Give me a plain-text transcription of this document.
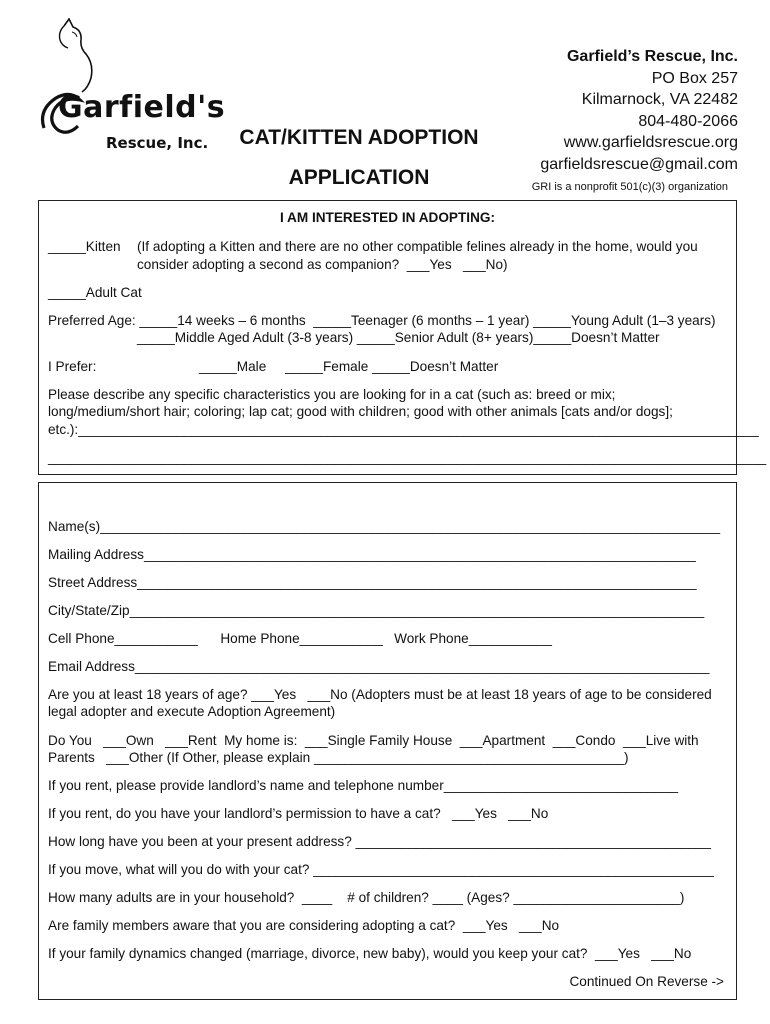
Garfield's
Rescue, Inc.	CAT/KITTEN ADOPTION
APPLICATION
Garfield’s Rescue, Inc.
PO Box 257
Kilmarnock, VA 22482
804-480-2066
www.garfieldsrescue.org
garfieldsrescue@gmail.com
GRI is a nonprofit 501(c)(3) organization
I AM INTERESTED IN ADOPTING:
_____Kitten (If adopting a Kitten and there are no other compatible felines already in the home, would you
consider adopting a second as companion?  ___Yes   ___No)
_____Adult Cat
Preferred Age: _____14 weeks – 6 months  _____Teenager (6 months – 1 year) _____Young Adult (1–3 years)
_____Middle Aged Adult (3-8 years) _____Senior Adult (8+ years)_____Doesn’t Matter
I Prefer:	_____Male     _____Female _____Doesn’t Matter
Please describe any specific characteristics you are looking for in a cat (such as: breed or mix;
long/medium/short hair; coloring; lap cat; good with children; good with other animals [cats and/or dogs];
etc.):__________________________________________________________________________________________
_______________________________________________________________________________________________
Name(s)__________________________________________________________________________________
Mailing Address_________________________________________________________________________
Street Address__________________________________________________________________________
City/State/Zip____________________________________________________________________________
Cell Phone___________      Home Phone___________   Work Phone___________
Email Address____________________________________________________________________________
Are you at least 18 years of age? ___Yes   ___No (Adopters must be at least 18 years of age to be considered
legal adopter and execute Adoption Agreement)
Do You   ___Own   ___Rent  My home is:  ___Single Family House  ___Apartment  ___Condo  ___Live with
Parents   ___Other (If Other, please explain _________________________________________)
If you rent, please provide landlord’s name and telephone number_______________________________
If you rent, do you have your landlord’s permission to have a cat?   ___Yes   ___No
How long have you been at your present address? _______________________________________________
If you move, what will you do with your cat? _____________________________________________________
How many adults are in your household?  ____    # of children? ____ (Ages? ______________________)
Are family members aware that you are considering adopting a cat?  ___Yes   ___No
If your family dynamics changed (marriage, divorce, new baby), would you keep your cat?  ___Yes   ___No
Continued On Reverse ->
